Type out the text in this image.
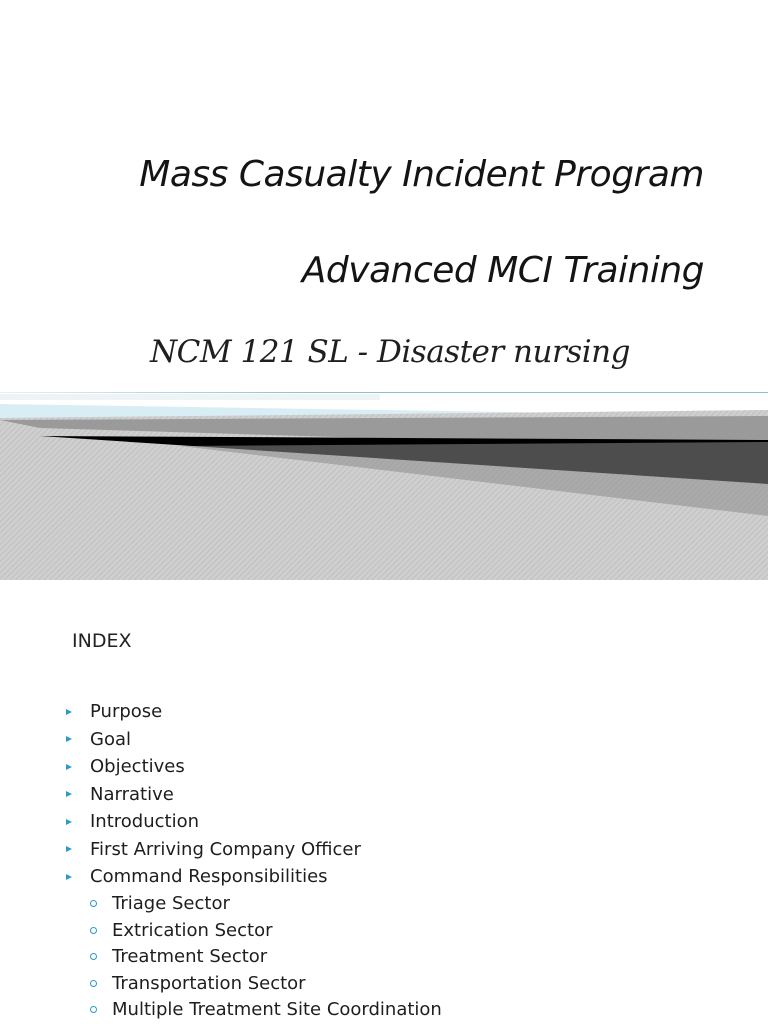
Mass Casualty Incident Program
Advanced MCI Training

NCM 121 SL - Disaster nursing

INDEX
Purpose
Goal
Objectives
Narrative
Introduction
First Arriving Company Officer
Command Responsibilities
Triage Sector
Extrication Sector
Treatment Sector
Transportation Sector
Multiple Treatment Site Coordination
